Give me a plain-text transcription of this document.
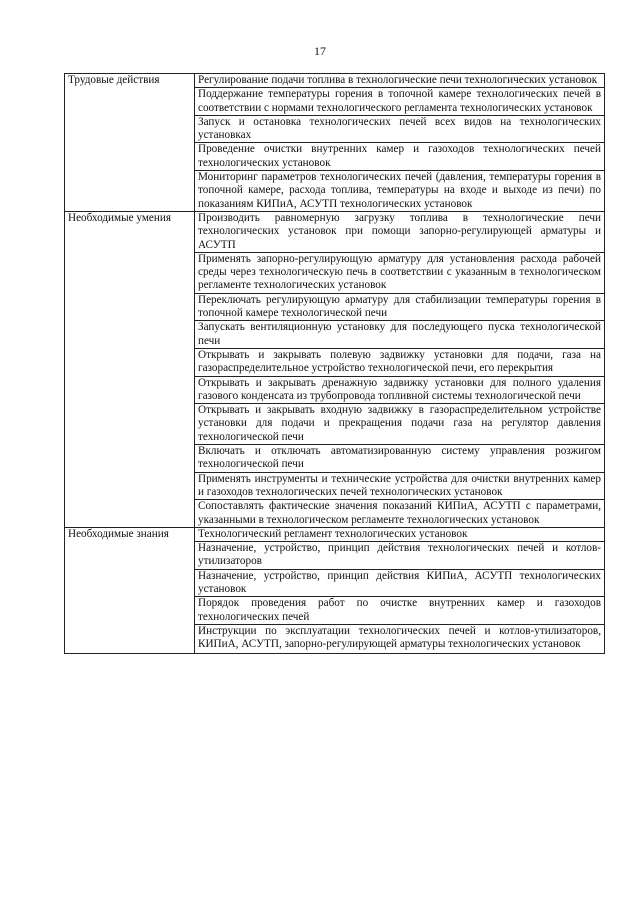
17
Трудовые действия	Регулирование подачи топлива в технологические печи технологических установок
	Поддержание температуры горения в топочной камере технологических печей в соответствии с нормами технологического регламента технологических установок
	Запуск и остановка технологических печей всех видов на технологических установках
	Проведение очистки внутренних камер и газоходов технологических печей технологических установок
	Мониторинг параметров технологических печей (давления, температуры горения в топочной камере, расхода топлива, температуры на входе и выходе из печи) по показаниям КИПиА, АСУТП технологических установок
Необходимые умения	Производить равномерную загрузку топлива в технологические печи технологических установок при помощи запорно-регулирующей арматуры и АСУТП
	Применять запорно-регулирующую арматуру для установления расхода рабочей среды через технологическую печь в соответствии с указанным в технологическом регламенте технологических установок
	Переключать регулирующую арматуру для стабилизации температуры горения в топочной камере технологической печи
	Запускать вентиляционную установку для последующего пуска технологической печи
	Открывать и закрывать полевую задвижку установки для подачи, газа на газораспределительное устройство технологической печи, его перекрытия
	Открывать и закрывать дренажную задвижку установки для полного удаления газового конденсата из трубопровода топливной системы технологической печи
	Открывать и закрывать входную задвижку в газораспределительном устройстве установки для подачи и прекращения подачи газа на регулятор давления технологической печи
	Включать и отключать автоматизированную систему управления розжигом технологической печи
	Применять инструменты и технические устройства для очистки внутренних камер и газоходов технологических печей технологических установок
	Сопоставлять фактические значения показаний КИПиА, АСУТП с параметрами, указанными в технологическом регламенте технологических установок
Необходимые знания	Технологический регламент технологических установок
	Назначение, устройство, принцип действия технологических печей и котлов-утилизаторов
	Назначение, устройство, принцип действия КИПиА, АСУТП технологических установок
	Порядок проведения работ по очистке внутренних камер и газоходов технологических печей
	Инструкции по эксплуатации технологических печей и котлов-утилизаторов, КИПиА, АСУТП, запорно-регулирующей арматуры технологических установок
